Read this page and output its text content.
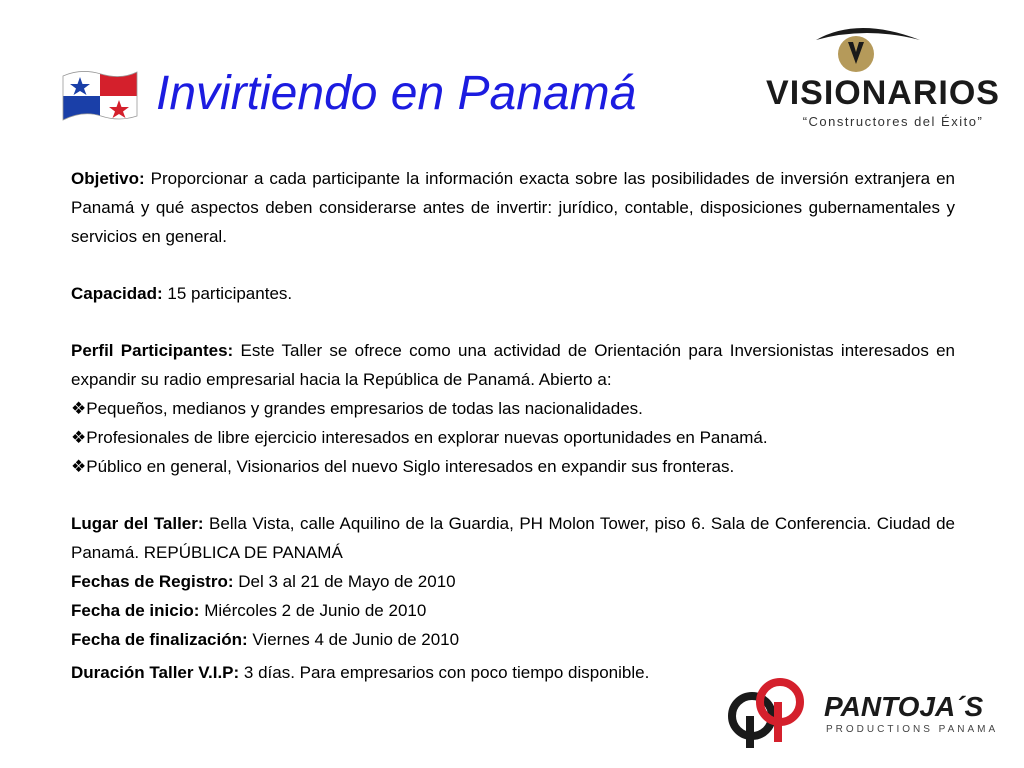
Invirtiendo en Panamá	VISIONARIOS
“Constructores del Éxito”

Objetivo: Proporcionar a cada participante la información exacta sobre las posibilidades de inversión extranjera en Panamá y qué aspectos deben considerarse antes de invertir: jurídico, contable, disposiciones gubernamentales y servicios en general.

Capacidad: 15 participantes.

Perfil Participantes: Este Taller se ofrece como una actividad de Orientación para Inversionistas interesados en expandir su radio empresarial hacia la República de Panamá. Abierto a:

❖Pequeños, medianos y grandes empresarios de todas las nacionalidades.

❖Profesionales de libre ejercicio interesados en explorar nuevas oportunidades en Panamá.

❖Público en general, Visionarios del nuevo Siglo interesados en expandir sus fronteras.

Lugar del Taller: Bella Vista, calle Aquilino de la Guardia, PH Molon Tower, piso 6. Sala de Conferencia. Ciudad de Panamá. REPÚBLICA DE PANAMÁ

Fechas de Registro: Del 3 al 21 de Mayo de 2010

Fecha de inicio: Miércoles 2 de Junio de 2010

Fecha de finalización: Viernes 4 de Junio de 2010

Duración Taller V.I.P: 3 días. Para empresarios con poco tiempo disponible.

PANTOJA´S
PRODUCTIONS PANAMA
